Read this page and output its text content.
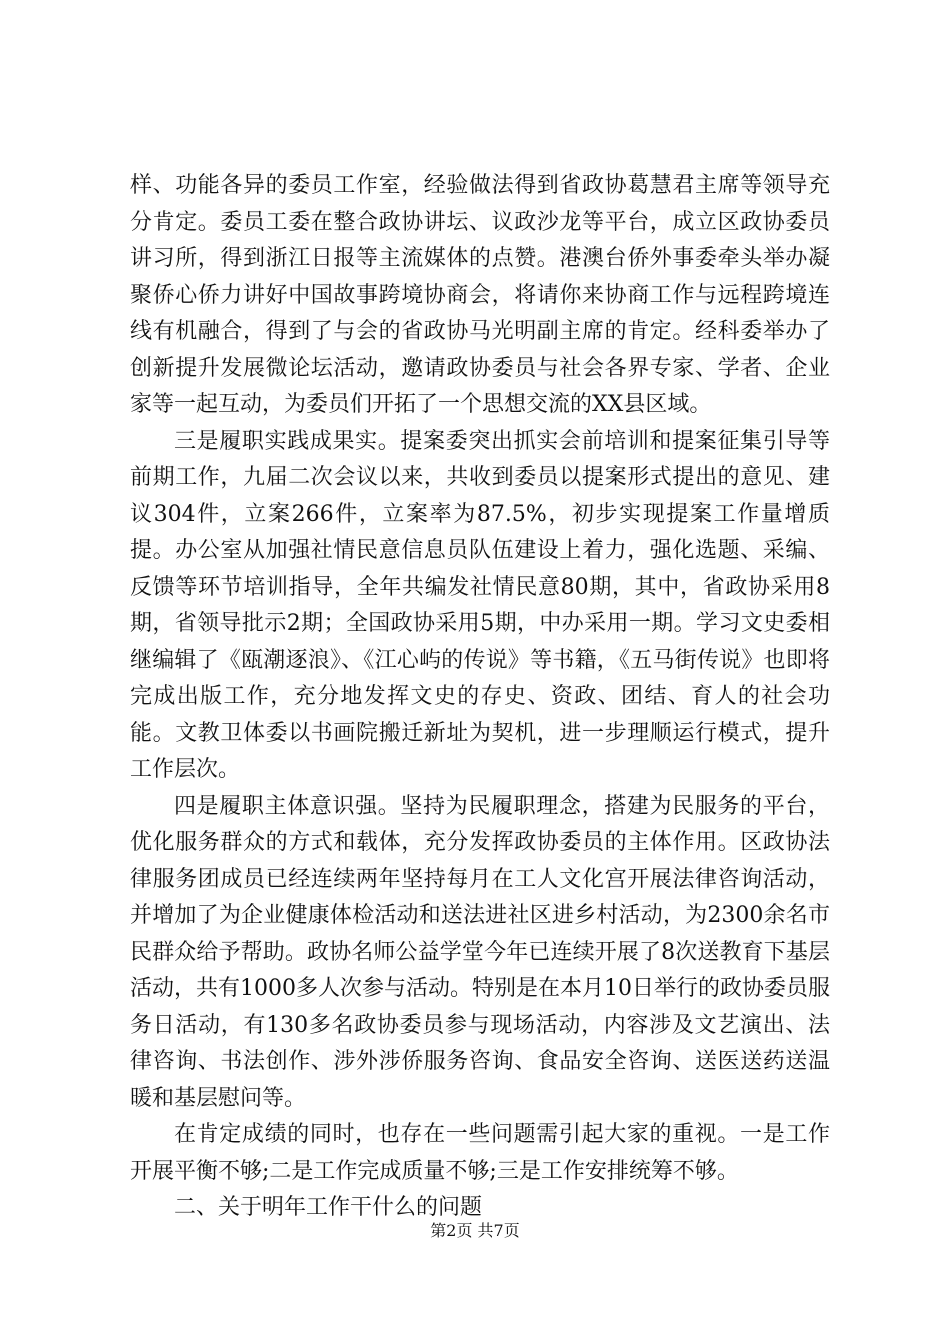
样、功能各异的委员工作室，经验做法得到省政协葛慧君主席等领导充分肯定。委员工委在整合政协讲坛、议政沙龙等平台，成立区政协委员讲习所，得到浙江日报等主流媒体的点赞。港澳台侨外事委牵头举办凝聚侨心侨力讲好中国故事跨境协商会，将请你来协商工作与远程跨境连线有机融合，得到了与会的省政协马光明副主席的肯定。经科委举办了创新提升发展微论坛活动，邀请政协委员与社会各界专家、学者、企业家等一起互动，为委员们开拓了一个思想交流的XX县区域。

三是履职实践成果实。提案委突出抓实会前培训和提案征集引导等前期工作，九届二次会议以来，共收到委员以提案形式提出的意见、建议304件，立案266件，立案率为87.5%，初步实现提案工作量增质提。办公室从加强社情民意信息员队伍建设上着力，强化选题、采编、反馈等环节培训指导，全年共编发社情民意80期，其中，省政协采用8期，省领导批示2期；全国政协采用5期，中办采用一期。学习文史委相继编辑了《瓯潮逐浪》、《江心屿的传说》等书籍，《五马街传说》也即将完成出版工作，充分地发挥文史的存史、资政、团结、育人的社会功能。文教卫体委以书画院搬迁新址为契机，进一步理顺运行模式，提升工作层次。

四是履职主体意识强。坚持为民履职理念，搭建为民服务的平台，优化服务群众的方式和载体，充分发挥政协委员的主体作用。区政协法律服务团成员已经连续两年坚持每月在工人文化宫开展法律咨询活动，并增加了为企业健康体检活动和送法进社区进乡村活动，为2300余名市民群众给予帮助。政协名师公益学堂今年已连续开展了8次送教育下基层活动，共有1000多人次参与活动。特别是在本月10日举行的政协委员服务日活动，有130多名政协委员参与现场活动，内容涉及文艺演出、法律咨询、书法创作、涉外涉侨服务咨询、食品安全咨询、送医送药送温暖和基层慰问等。

在肯定成绩的同时，也存在一些问题需引起大家的重视。一是工作开展平衡不够;二是工作完成质量不够;三是工作安排统筹不够。

二、关于明年工作干什么的问题

第2页 共7页
